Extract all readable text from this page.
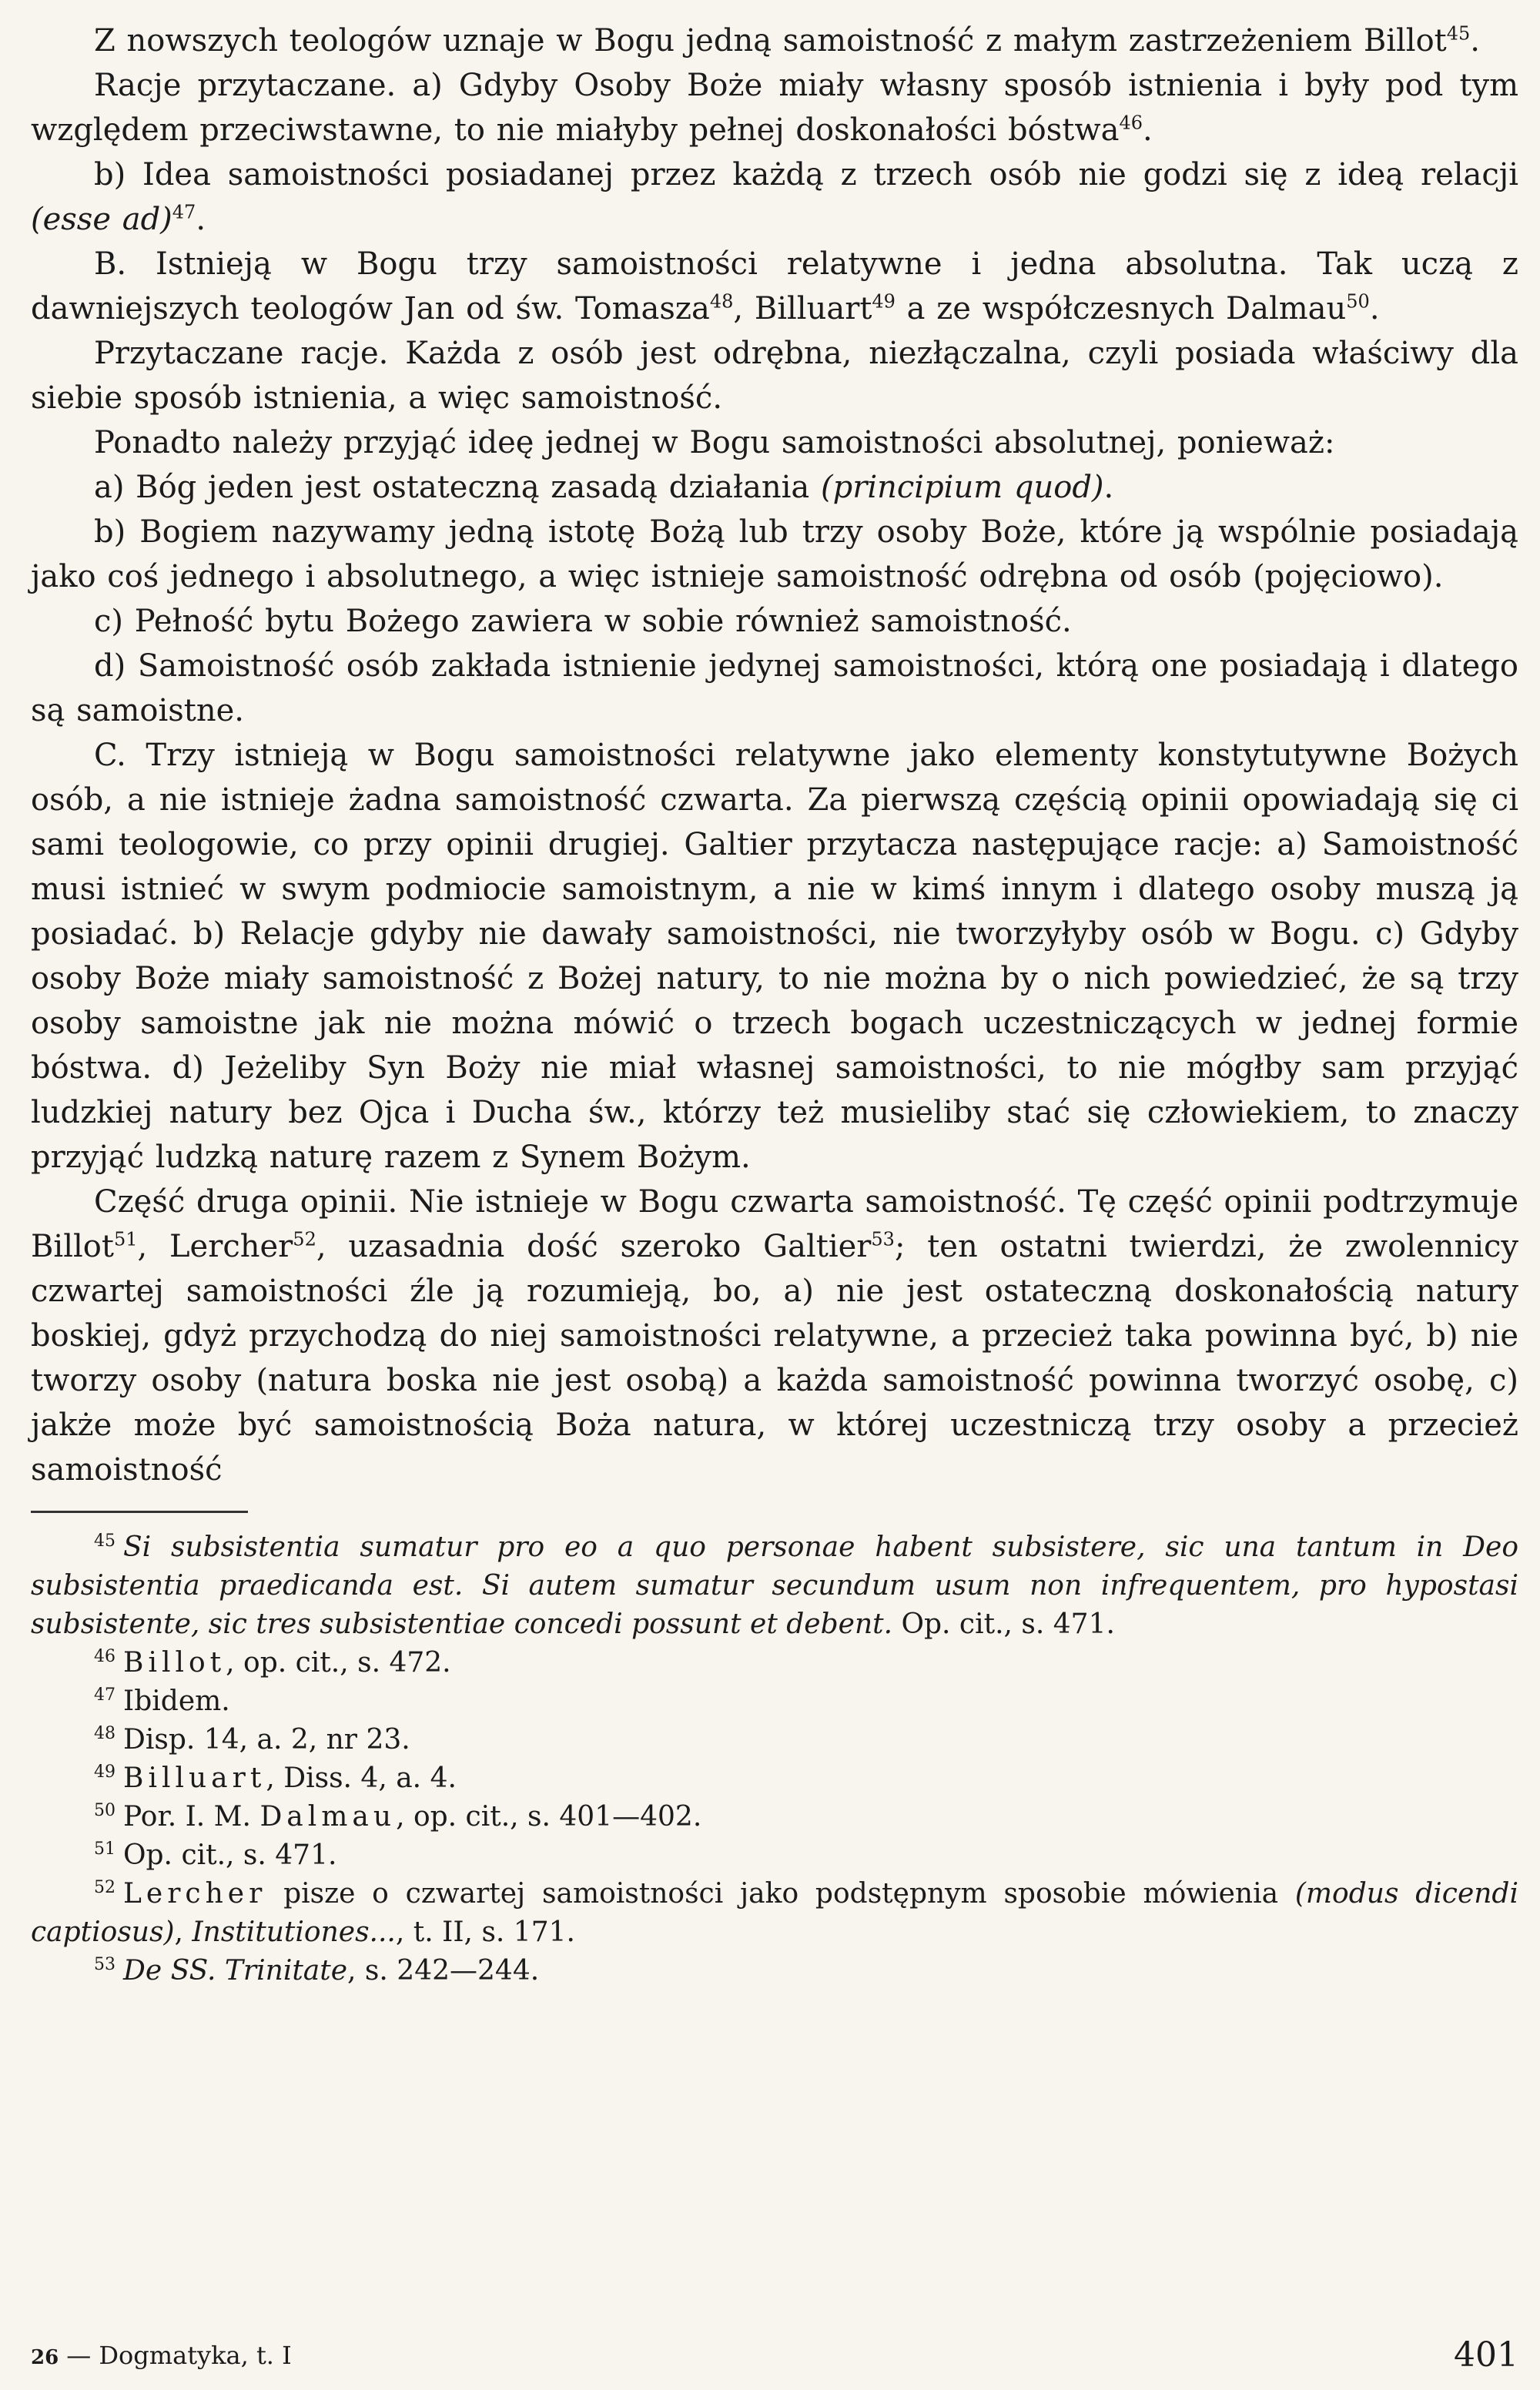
Z nowszych teologów uznaje w Bogu jedną samoistność z małym zastrzeżeniem Billot$^{45}$.

Racje przytaczane. a) Gdyby Osoby Boże miały własny sposób istnienia i były pod tym względem przeciwstawne, to nie miałyby pełnej doskonałości bóstwa$^{46}$.

b) Idea samoistności posiadanej przez każdą z trzech osób nie godzi się z ideą relacji (esse ad)$^{47}$.

B. Istnieją w Bogu trzy samoistności relatywne i jedna absolutna. Tak uczą z dawniejszych teologów Jan od św. Tomasza$^{48}$, Billuart$^{49}$ a ze współczesnych Dalmau$^{50}$.

Przytaczane racje. Każda z osób jest odrębna, niezłączalna, czyli posiada właściwy dla siebie sposób istnienia, a więc samoistność.

Ponadto należy przyjąć ideę jednej w Bogu samoistności absolutnej, ponieważ:

a) Bóg jeden jest ostateczną zasadą działania (principium quod).

b) Bogiem nazywamy jedną istotę Bożą lub trzy osoby Boże, które ją wspólnie posiadają jako coś jednego i absolutnego, a więc istnieje samoistność odrębna od osób (pojęciowo).

c) Pełność bytu Bożego zawiera w sobie również samoistność.

d) Samoistność osób zakłada istnienie jedynej samoistności, którą one posiadają i dlatego są samoistne.

C. Trzy istnieją w Bogu samoistności relatywne jako elementy konstytutywne Bożych osób, a nie istnieje żadna samoistność czwarta. Za pierwszą częścią opinii opowiadają się ci sami teologowie, co przy opinii drugiej. Galtier przytacza następujące racje: a) Samoistność musi istnieć w swym podmiocie samoistnym, a nie w kimś innym i dlatego osoby muszą ją posiadać. b) Relacje gdyby nie dawały samoistności, nie tworzyłyby osób w Bogu. c) Gdyby osoby Boże miały samoistność z Bożej natury, to nie można by o nich powiedzieć, że są trzy osoby samoistne jak nie można mówić o trzech bogach uczestniczących w jednej formie bóstwa. d) Jeżeliby Syn Boży nie miał własnej samoistności, to nie mógłby sam przyjąć ludzkiej natury bez Ojca i Ducha św., którzy też musieliby stać się człowiekiem, to znaczy przyjąć ludzką naturę razem z Synem Bożym.

Część druga opinii. Nie istnieje w Bogu czwarta samoistność. Tę część opinii podtrzymuje Billot$^{51}$, Lercher$^{52}$, uzasadnia dość szeroko Galtier$^{53}$; ten ostatni twierdzi, że zwolennicy czwartej samoistności źle ją rozumieją, bo, a) nie jest ostateczną doskonałością natury boskiej, gdyż przychodzą do niej samoistności relatywne, a przecież taka powinna być, b) nie tworzy osoby (natura boska nie jest osobą) a każda samoistność powinna tworzyć osobę, c) jakże może być samoistnością Boża natura, w której uczestniczą trzy osoby a przecież samoistność

$^{45}$ Si subsistentia sumatur pro eo a quo personae habent subsistere, sic una tantum in Deo subsistentia praedicanda est. Si autem sumatur secundum usum non infrequentem, pro hypostasi subsistente, sic tres subsistentiae concedi possunt et debent. Op. cit., s. 471.

$^{46}$ Billot, op. cit., s. 472.

$^{47}$ Ibidem.

$^{48}$ Disp. 14, a. 2, nr 23.

$^{49}$ Billuart, Diss. 4, a. 4.

$^{50}$ Por. I. M. Dalmau, op. cit., s. 401—402.

$^{51}$ Op. cit., s. 471.

$^{52}$ Lercher pisze o czwartej samoistności jako podstępnym sposobie mówienia (modus dicendi captiosus), Institutiones..., t. II, s. 171.

$^{53}$ De SS. Trinitate, s. 242—244.

26 — Dogmatyka, t. I	401
